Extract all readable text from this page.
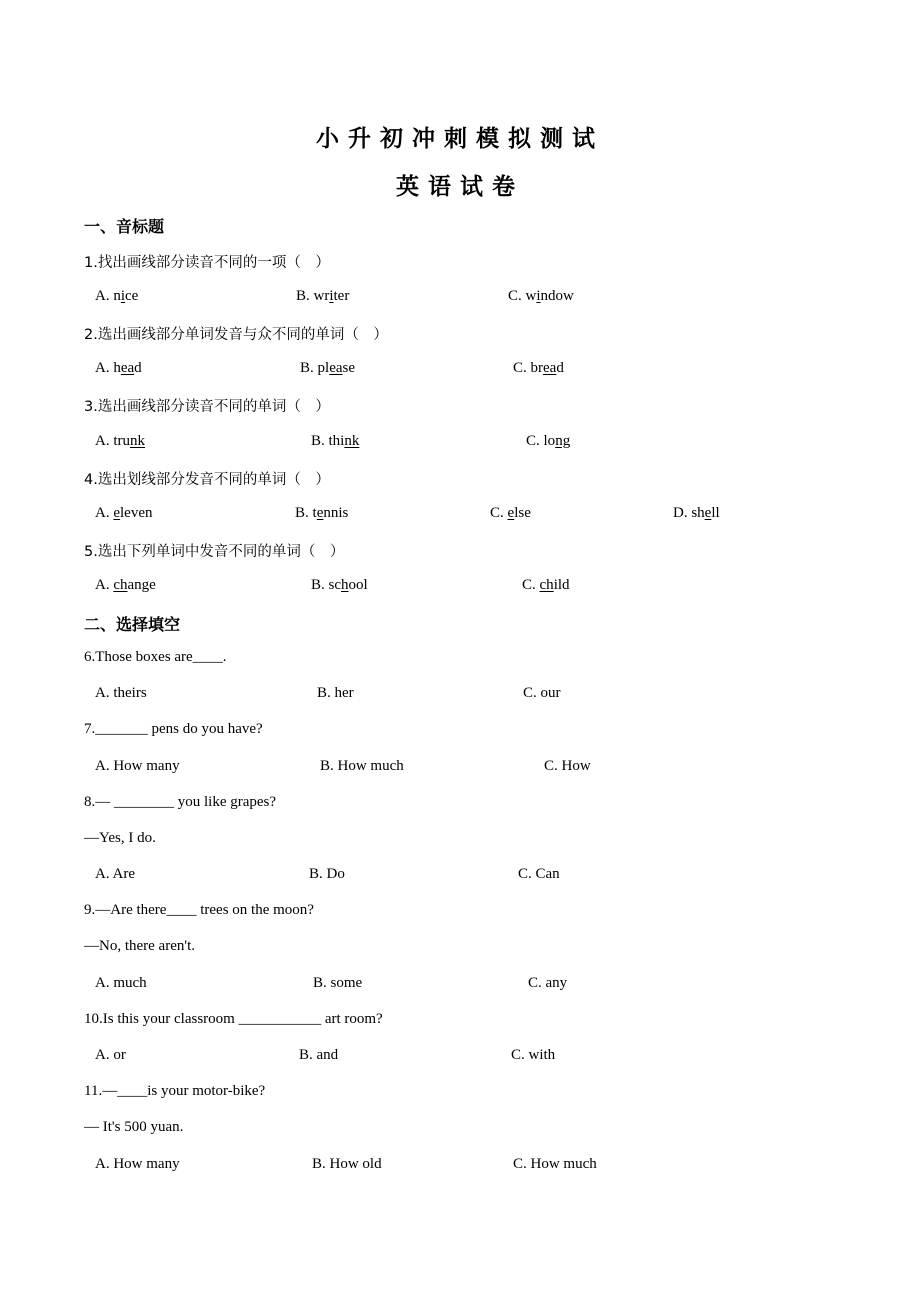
小升初冲刺模拟测试
英语试卷
一、音标题
1.找出画线部分读音不同的一项（　）
A. nice	B. writer	C. window
2.选出画线部分单词发音与众不同的单词（　）
A. head	B. please	C. bread
3.选出画线部分读音不同的单词（　）
A. trunk	B. think	C. long
4.选出划线部分发音不同的单词（　）
A. eleven	B. tennis	C. else	D. shell
5.选出下列单词中发音不同的单词（　）
A. change	B. school	C. child
二、选择填空
6.Those boxes are____.
A. theirs	B. her	C. our
7._______ pens do you have?
A. How many	B. How much	C. How
8.— ________ you like grapes?
—Yes, I do.
A. Are	B. Do	C. Can
9.—Are there____ trees on the moon?
—No, there aren't.
A. much	B. some	C. any
10.Is this your classroom ___________ art room?
A. or	B. and	C. with
11.—____is your motor-bike?
— It's 500 yuan.
A. How many	B. How old	C. How much
